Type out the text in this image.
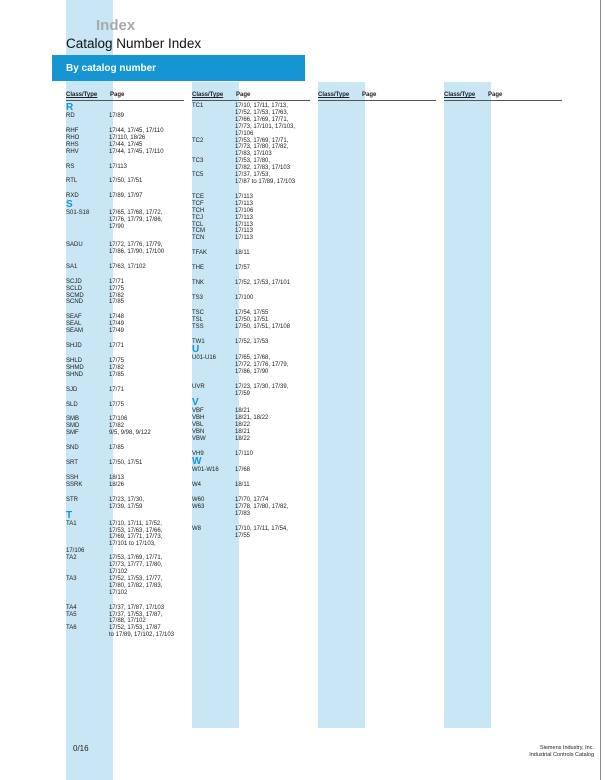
Index
Catalog Number Index
By catalog number
Class/Type Page	Class/Type Page	Class/Type Page	Class/Type Page
R
RD	17/89
RHF	17/44, 17/45, 17/110
RHO	17/110, 18/26
RHS	17/44, 17/45
RHV	17/44, 17/45, 17/110
RS	17/113
RTL	17/50, 17/51
RXD	17/89, 17/97
S
S01-S18	17/65, 17/68, 17/72,
17/76, 17/79, 17/86,
17/90
SADU	17/72, 17/76, 17/79,
17/86, 17/90, 17/100
SA1	17/63, 17/102
SCJD	17/71
SCLD	17/75
SCMD	17/82
SCND	17/85
SEAF	17/48
SEAL	17/49
SEAM	17/49
SHJD	17/71
SHLD	17/75
SHMD	17/82
SHND	17/85
SJD	17/71
SLD	17/75
SMB	17/106
SMD	17/82
SMF	9/5, 9/98, 9/122
SND	17/85
SRT	17/50, 17/51
SSH	18/13
SSRK	18/26
STR	17/23, 17/30,
17/39, 17/59
T
TA1	17/10, 17/11, 17/52,
17/53, 17/63, 17/66,
17/69, 17/71, 17/73,
17/101 to 17/103,
17/106
TA2	17/53, 17/69, 17/71,
17/73, 17/77, 17/80,
17/102
TA3	17/52, 17/53, 17/77,
17/80, 17/82, 17/83,
17/102
TA4	17/37, 17/87, 17/103
TA5	17/37, 17/53, 17/87,
17/88, 17/102
TA6	17/52, 17/53, 17/87
to 17/89, 17/102, 17/103
TC1	17/10, 17/11, 17/13,
17/52, 17/53, 17/63,
17/66, 17/69, 17/71,
17/73, 17/101, 17/103,
17/106
TC2	17/53, 17/69, 17/71,
17/73, 17/80, 17/82,
17/83, 17/103
TC3	17/53, 17/80,
17/82, 17/83, 17/103
TC5	17/37, 17/53,
17/87 to 17/89, 17/103
TCE	17/113
TCF	17/113
TCH	17/106
TCJ	17/113
TCL	17/113
TCM	17/113
TCN	17/113
TFAK	18/11
THE	17/57
TNK	17/52, 17/53, 17/101
TS3	17/100
TSC	17/54, 17/55
TSL	17/50, 17/51
TSS	17/50, 17/51, 17/108
TW1	17/52, 17/53
U
U01-U16	17/65, 17/68,
17/72, 17/76, 17/79,
17/86, 17/90
UVR	17/23, 17/30, 17/39,
17/59
V
VBF	18/21
VBH	18/21, 18/22
VBL	18/22
VBN	18/21
VBW	18/22
VH9	17/110
W
W01-W16	17/68
W4	18/11
W60	17/70, 17/74
W63	17/78, 17/80, 17/82,
17/83
W8	17/10, 17/11, 17/54,
17/55
0/16	Siemens Industry, Inc.
Industrial Controls Catalog
